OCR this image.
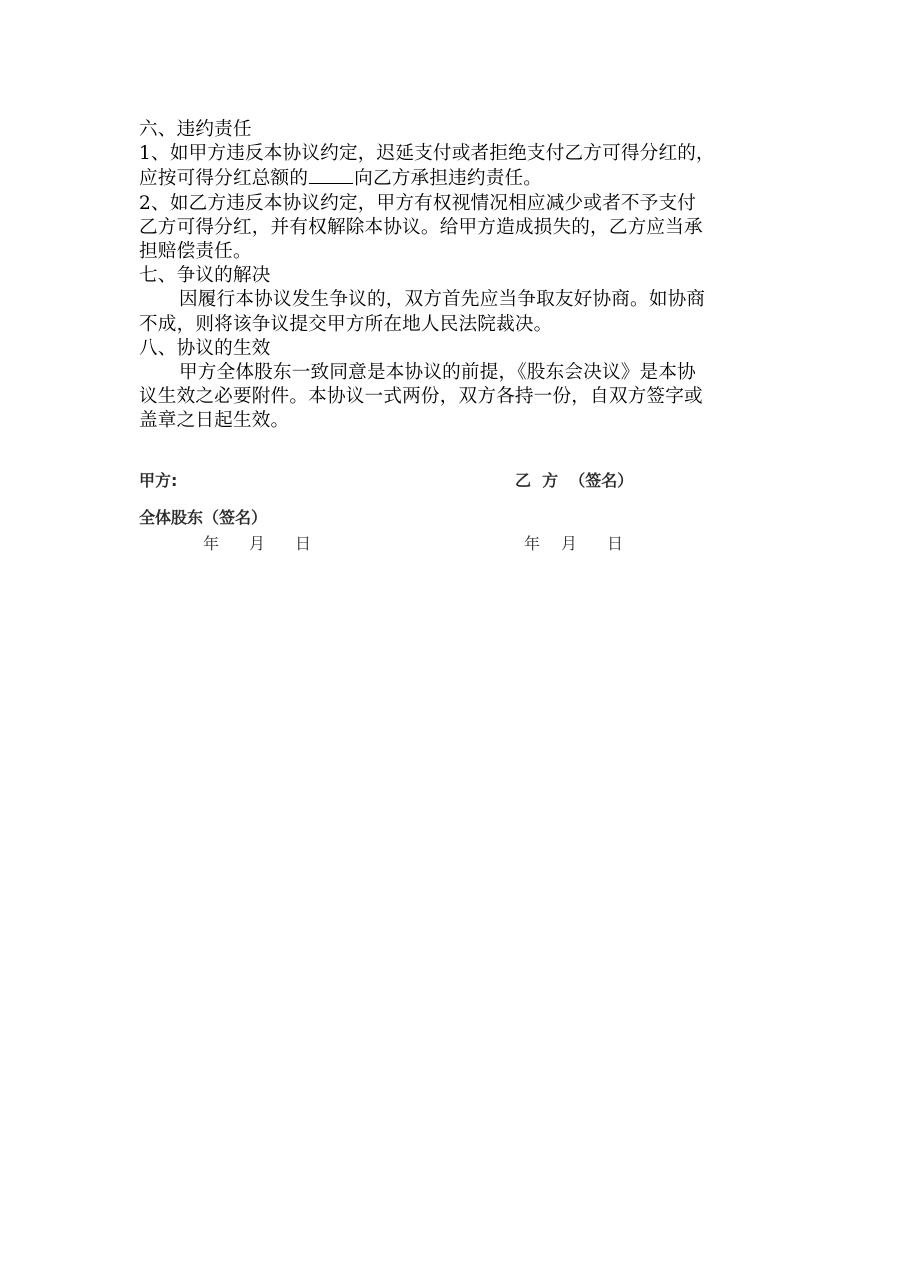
六、违约责任
1、如甲方违反本协议约定，迟延支付或者拒绝支付乙方可得分红的，
应按可得分红总额的 向乙方承担违约责任。
2、如乙方违反本协议约定，甲方有权视情况相应减少或者不予支付
乙方可得分红，并有权解除本协议。给甲方造成损失的，乙方应当承
担赔偿责任。
七、争议的解决
因履行本协议发生争议的，双方首先应当争取友好协商。如协商
不成，则将该争议提交甲方所在地人民法院裁决。
八、协议的生效
甲方全体股东一致同意是本协议的前提，《股东会决议》是本协
议生效之必要附件。本协议一式两份，双方各持一份，自双方签字或
盖章之日起生效。
甲方:	乙  方  （签名）
全体股东（签名）
年 月 日	年 月 日
